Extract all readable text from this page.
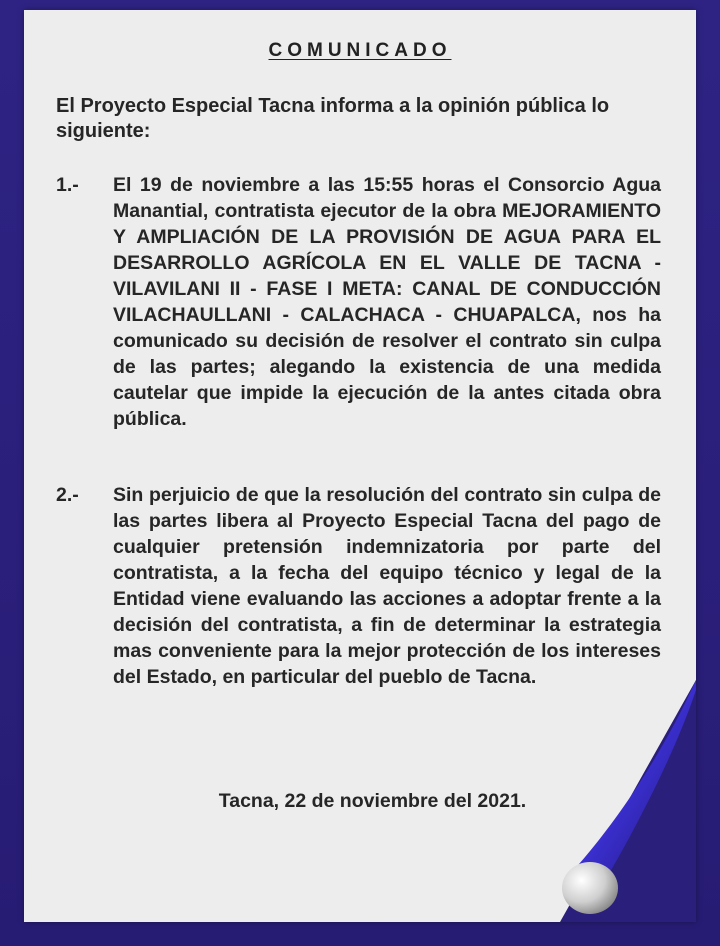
COMUNICADO
El Proyecto Especial Tacna informa a la opinión pública lo siguiente:
1.-	El 19 de noviembre a las 15:55 horas el Consorcio Agua Manantial, contratista ejecutor de la obra MEJORAMIENTO Y AMPLIACIÓN DE LA PROVISIÓN DE AGUA PARA EL DESARROLLO AGRÍCOLA EN EL VALLE DE TACNA - VILAVILANI II - FASE I META: CANAL DE CONDUCCIÓN VILACHAULLANI - CALACHACA - CHUAPALCA, nos ha comunicado su decisión de resolver el contrato sin culpa de las partes; alegando la existencia de una medida cautelar que impide la ejecución de la antes citada obra pública.
2.-	Sin perjuicio de que la resolución del contrato sin culpa de las partes libera al Proyecto Especial Tacna del pago de cualquier pretensión indemnizatoria por parte del contratista, a la fecha del equipo técnico y legal de la Entidad viene evaluando las acciones a adoptar frente a la decisión del contratista, a fin de determinar la estrategia mas conveniente para la mejor protección de los intereses del Estado, en particular del pueblo de Tacna.
Tacna, 22 de noviembre del 2021.
